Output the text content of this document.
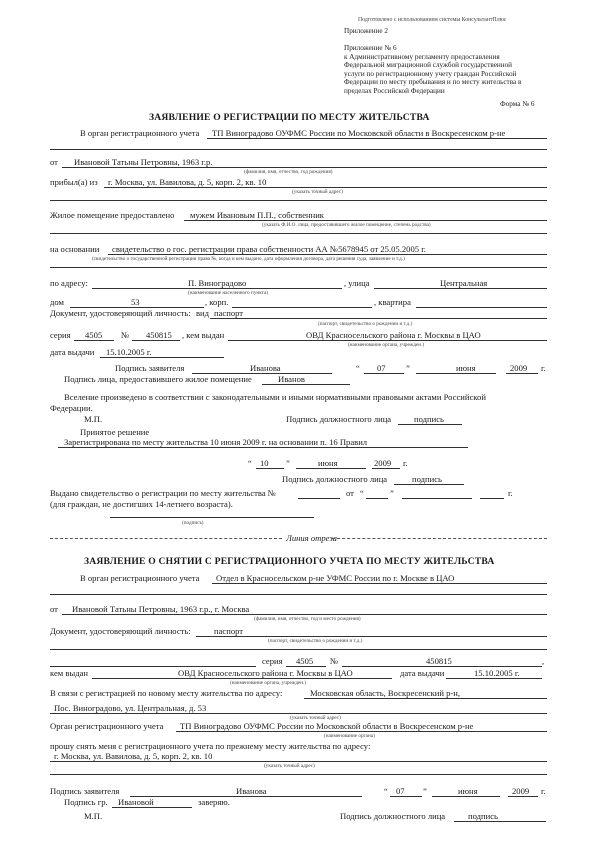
Подготовлено с использованием системы КонсультантПлюс
Приложение 2
Приложение № 6
к Административному регламенту предоставления
Федеральной миграционной службой государственной
услуги по регистрационному учету граждан Российской
Федерации по месту пребывания и по месту жительства в
пределах Российской Федерации
Форма № 6
ЗАЯВЛЕНИЕ О РЕГИСТРАЦИИ ПО МЕСТУ ЖИТЕЛЬСТВА
В орган регистрационного учета ТП Виноградово ОУФМС России по Московской области в Воскресенском р-не
от Ивановой Татьны Петровны, 1963 г.р.
(фамилия, имя, отчество, год рождения)
прибыл(а) из г. Москва, ул. Вавилова, д. 5, корп. 2, кв. 10
(указать точный адрес)
Жилое помещение предоставлено мужем Ивановым П.П., собственник
(указать Ф.И.О. лица, предоставившего жилое помещение, степень родства)
на основании свидетельство о гос. регистрации права собственности АА №5678945 от 25.05.2005 г.
(свидетельство о государственной регистрации права №, когда и кем выдано, дата оформления договора, дата решения суда, заявление и т.д.)
по адресу:	П. Виноградово
(наименование населенного пункта)
, улица	Центральная
дом	53	, корп.	, квартира
Документ, удостоверяющий личность: вид паспорт
(паспорт, свидетельство о рождении и т.д.)
серия 4505 № 450815 , кем выдан	ОВД Красносельского района г. Москвы в ЦАО
(наименование органа, учрежден.)
дата выдачи 15.10.2005 г.
Подпись заявителя	Иванова	“ 07 ”	июня	2009 г.
Подпись лица, предоставившего жилое помещение	Иванов
Вселение произведено в соответствии с законодательными и иными нормативными правовыми актами Российской
Федерации.
М.П.	Подпись должностного лица	подпись
Принятое решение
Зарегистрирована по месту жительства 10 июня 2009 г. на основании п. 16 Правил
“ 10 ”	июня	2009 г.
Подпись должностного лица	подпись
Выдано свидетельство о регистрации по месту жительства №	от “	”	г.
(для граждан, не достигших 14-летнего возраста).
(подпись)
Линия отреза
ЗАЯВЛЕНИЕ О СНЯТИИ С РЕГИСТРАЦИОННОГО УЧЕТА ПО МЕСТУ ЖИТЕЛЬСТВА
В орган регистрационного учета Отдел в Красносельском р-не УФМС России по г. Москве в ЦАО
от Ивановой Татьны Петровны, 1963 г.р., г. Москва
(фамилия, имя, отчество, год и место рождения)
Документ, удостоверяющий личность:	паспорт
(паспорт, свидетельство о рождении и т.д.)
серия 4505 №	450815	,
кем выдан	ОВД Красносельского района г. Москвы в ЦАО
(наименование органа, учрежден.)
дата выдачи	15.10.2005 г.
В связи с регистрацией по новому месту жительства по адресу:	Московская область, Воскресенский р-н,
Пос. Виноградово, ул. Центральная, д. 53
(указать точный адрес)
Орган регистрационного учета ТП Виноградово ОУФМС России по Московской области в Воскресенском р-не
(наименование органа)
прошу снять меня с регистрационного учета по прежнему месту жительства по адресу:
г. Москва, ул. Вавилова, д. 5, корп. 2, кв. 10
(указать точный адрес)
Подпись заявителя	Иванова	“ 07 ”	июня	2009 г.
Подпись гр. Ивановой	заверяю.
М.П.	Подпись должностного лица	подпись
